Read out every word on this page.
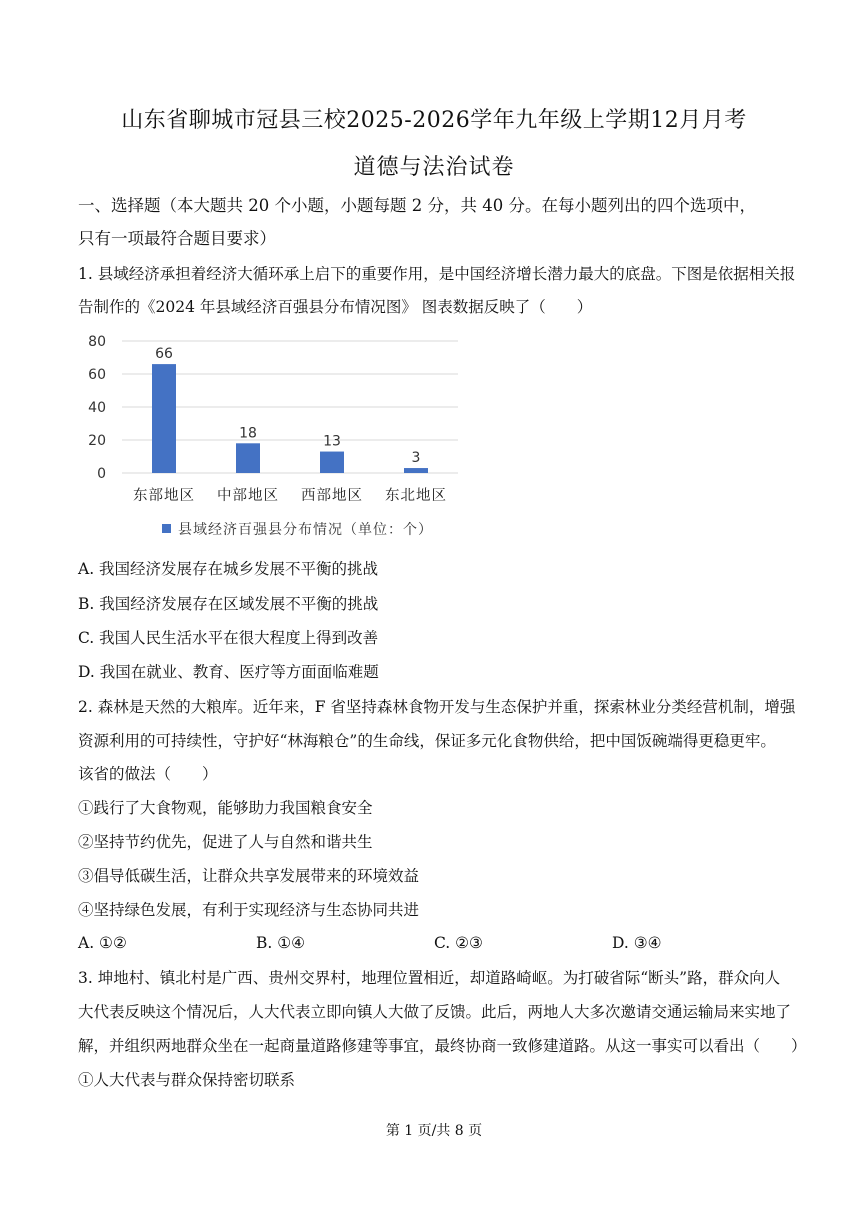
山东省聊城市冠县三校2025-2026学年九年级上学期12月月考
道德与法治试卷
一、选择题（本大题共 20 个小题，小题每题 2 分，共 40 分。在每小题列出的四个选项中，
只有一项最符合题目要求）
1. 县域经济承担着经济大循环承上启下的重要作用，是中国经济增长潜力最大的底盘。下图是依据相关报
告制作的《2024 年县域经济百强县分布情况图》 图表数据反映了（　　）
0
20
40
60
80
66
18
13
3
东部地区 中部地区 西部地区 东北地区
县域经济百强县分布情况（单位：个）
A. 我国经济发展存在城乡发展不平衡的挑战
B. 我国经济发展存在区域发展不平衡的挑战
C. 我国人民生活水平在很大程度上得到改善
D. 我国在就业、教育、医疗等方面面临难题
2. 森林是天然的大粮库。近年来，F 省坚持森林食物开发与生态保护并重，探索林业分类经营机制，增强
资源利用的可持续性，守护好“林海粮仓”的生命线，保证多元化食物供给，把中国饭碗端得更稳更牢。
该省的做法（　　）
①践行了大食物观，能够助力我国粮食安全
②坚持节约优先，促进了人与自然和谐共生
③倡导低碳生活，让群众共享发展带来的环境效益
④坚持绿色发展，有利于实现经济与生态协同共进
A. ①②	B. ①④	C. ②③	D. ③④
3. 坤地村、镇北村是广西、贵州交界村，地理位置相近，却道路崎岖。为打破省际“断头”路，群众向人
大代表反映这个情况后，人大代表立即向镇人大做了反馈。此后，两地人大多次邀请交通运输局来实地了
解，并组织两地群众坐在一起商量道路修建等事宜，最终协商一致修建道路。从这一事实可以看出（　　）
①人大代表与群众保持密切联系
第 1 页/共 8 页
